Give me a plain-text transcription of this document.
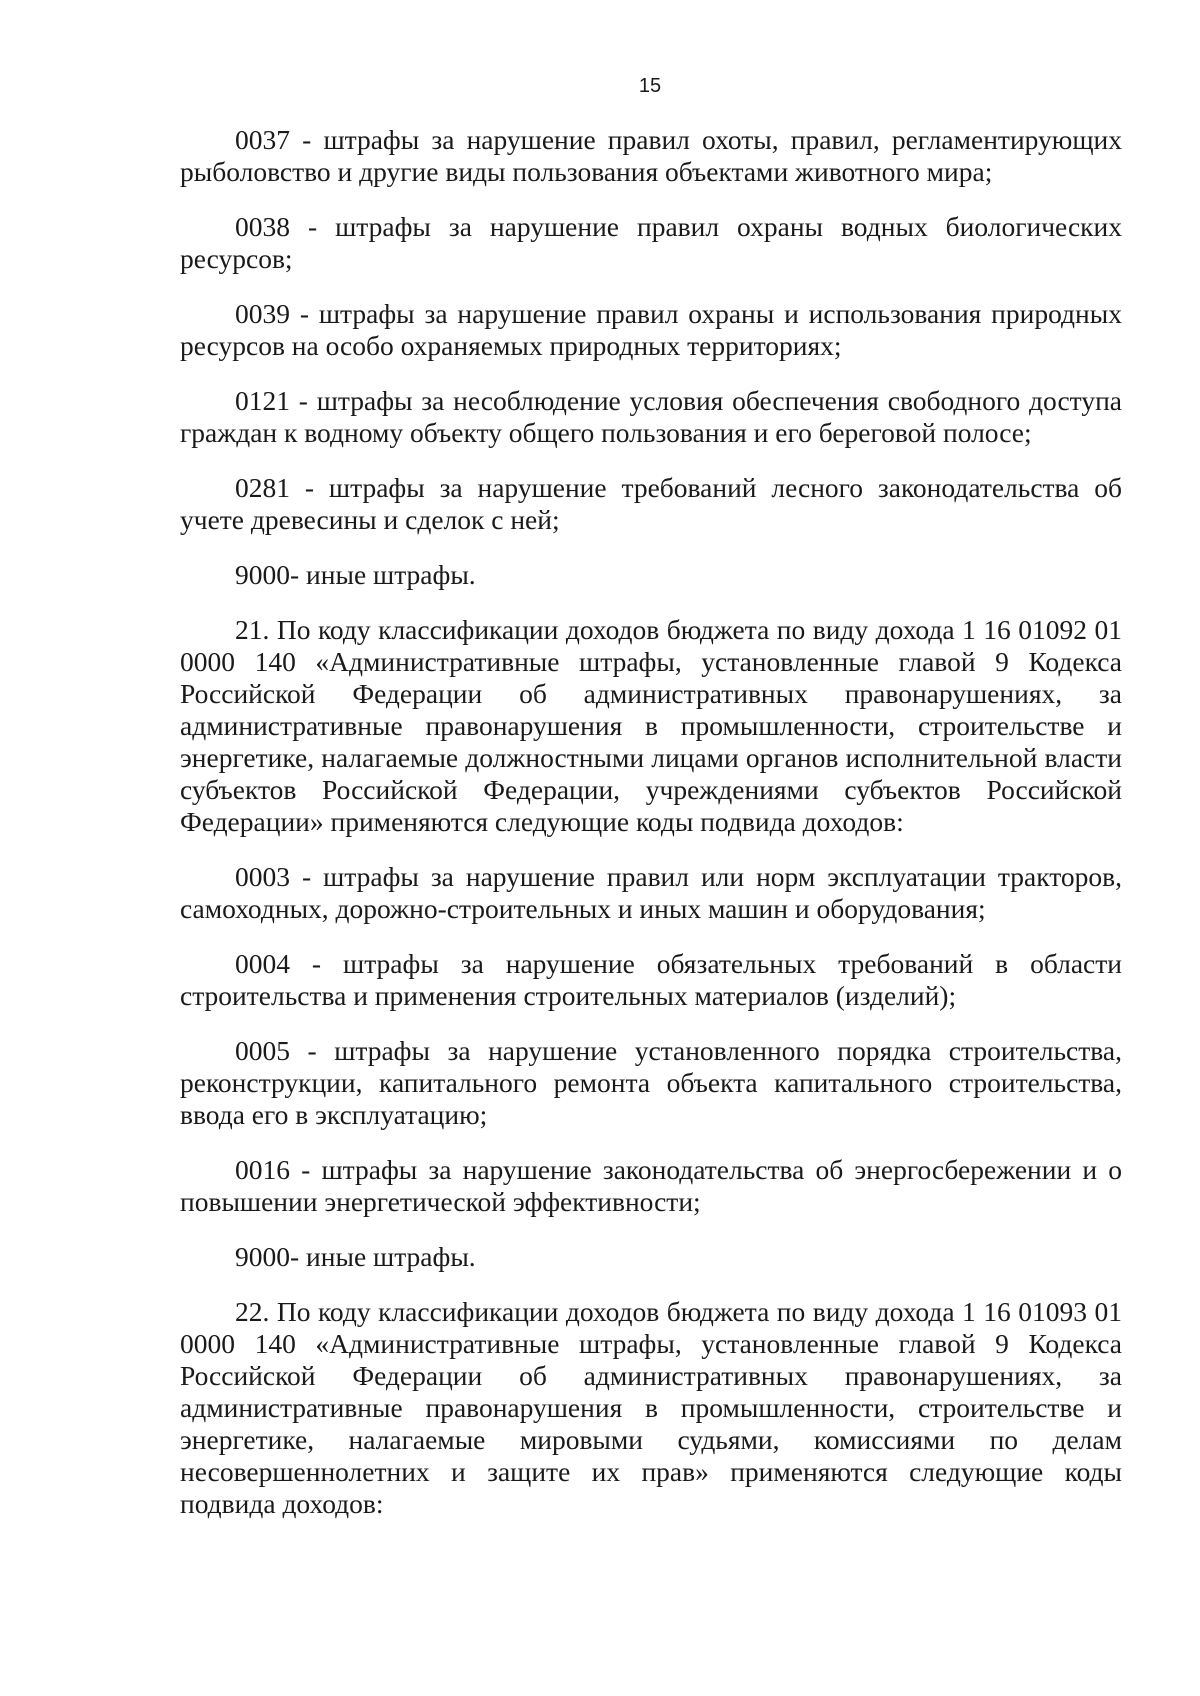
15

0037 - штрафы за нарушение правил охоты, правил, регламентирующих рыболовство и другие виды пользования объектами животного мира;

0038 - штрафы за нарушение правил охраны водных биологических ресурсов;

0039 - штрафы за нарушение правил охраны и использования природных ресурсов на особо охраняемых природных территориях;

0121 - штрафы за несоблюдение условия обеспечения свободного доступа граждан к водному объекту общего пользования и его береговой полосе;

0281 - штрафы за нарушение требований лесного законодательства об учете древесины и сделок с ней;

9000- иные штрафы.

21. По коду классификации доходов бюджета по виду дохода 1 16 01092 01 0000 140 «Административные штрафы, установленные главой 9 Кодекса Российской Федерации об административных правонарушениях, за административные правонарушения в промышленности, строительстве и энергетике, налагаемые должностными лицами органов исполнительной власти субъектов Российской Федерации, учреждениями субъектов Российской Федерации» применяются следующие коды подвида доходов:

0003 - штрафы за нарушение правил или норм эксплуатации тракторов, самоходных, дорожно-строительных и иных машин и оборудования;

0004 - штрафы за нарушение обязательных требований в области строительства и применения строительных материалов (изделий);

0005 - штрафы за нарушение установленного порядка строительства, реконструкции, капитального ремонта объекта капитального строительства, ввода его в эксплуатацию;

0016 - штрафы за нарушение законодательства об энергосбережении и о повышении энергетической эффективности;

9000- иные штрафы.

22. По коду классификации доходов бюджета по виду дохода 1 16 01093 01 0000 140 «Административные штрафы, установленные главой 9 Кодекса Российской Федерации об административных правонарушениях, за административные правонарушения в промышленности, строительстве и энергетике, налагаемые мировыми судьями, комиссиями по делам несовершеннолетних и защите их прав» применяются следующие коды подвида доходов:
